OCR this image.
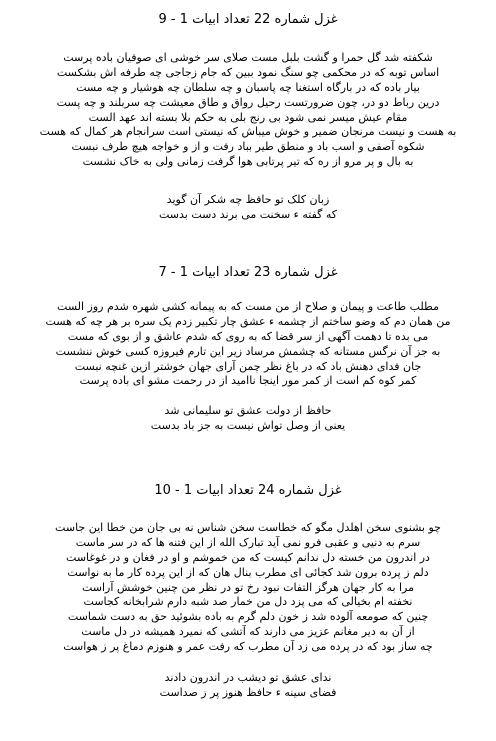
غزل شماره 22 تعداد ابیات 1 - 9
شکفته شد گل حمرا و گشت بلبل مست صلای سر خوشی ای صوفیان باده پرست
اساس توبه که در محکمی چو سنگ نمود ببین که جام زجاجی چه طرفه اش بشکست
بیار باده که در بارگاه استغنا چه پاسبان و چه سلطان چه هوشیار و چه مست
درین رباط دو در، چون ضرورتست رحیل رواق و طاق معیشت چه سربلند و چه پست
مقام عیش میسر نمی شود بی رنج بلی به حکم بلا بسته اند عهد الست
به هست و نیست مرنجان ضمیر و خوش میباش که نیستی است سرانجام هر کمال که هست
شکوه آصفی و اسب باد و منطق طیر بباد رفت و از و خواجه هیچ طرف نبست
به بال و پر مرو از ره که تیر پرتابی هوا گرفت زمانی ولی به خاک نشست
زبان کلک تو حافظ چه شکر آن گوید
که گفته ء سخنت می برند دست بدست
غزل شماره 23 تعداد ابیات 1 - 7
مطلب طاعت و پیمان و صلاح از من مست که به پیمانه کشی شهره شدم روز الست
من همان دم که وضو ساختم از چشمه ء عشق چار تکبیر زدم یک سره بر هر چه که هست
می بده تا دهمت آگهی از سر قضا که به روی که شدم عاشق و از بوی که مست
به جز آن نرگس مستانه که چشمش مرساد زیر این تارم فیروزه کسی خوش ننشست
جان فدای دهنش باد که در باغ نظر چمن آرای جهان خوشتر ازین غنچه نبست
کمر کوه کم است از کمر مور اینجا ناامید از در رحمت مشو ای باده پرست
حافظ از دولت عشق تو سلیمانی شد
یعنی از وصل تواش نیست به جز باد بدست
غزل شماره 24 تعداد ابیات 1 - 10
چو بشنوی سخن اهلدل مگو که خطاست سخن شناس نه بی جان من خطا این جاست
سرم به دنیی و عقبی فرو نمی آید تبارک الله از این فتنه ها که در سر ماست
در اندرون من خسته دل ندانم کیست که من خموشم و او در فغان و در غوغاست
دلم ز پرده برون شد کجائی ای مطرب بنال هان که از این پرده کار ما به نواست
مرا به کار جهان هرگز التفات نبود رخ تو در نظر من چنین خوشش آراست
نخفته ام بخیالی که می پزد دل من خمار صد شبه دارم شرابخانه کجاست
چنین که صومعه آلوده شد ز خون دلم گرم به باده بشوئید حق به دست شماست
از آن به دیر مغانم عزیز می دارند که آتشی که نمیرد همیشه در دل ماست
چه ساز بود که در پرده می زد آن مطرب که رفت عمر و هنوزم دماغ پر ز هواست
ندای عشق تو دیشب در اندرون دادند
فضای سینه ء حافظ هنوز پر ز صداست
